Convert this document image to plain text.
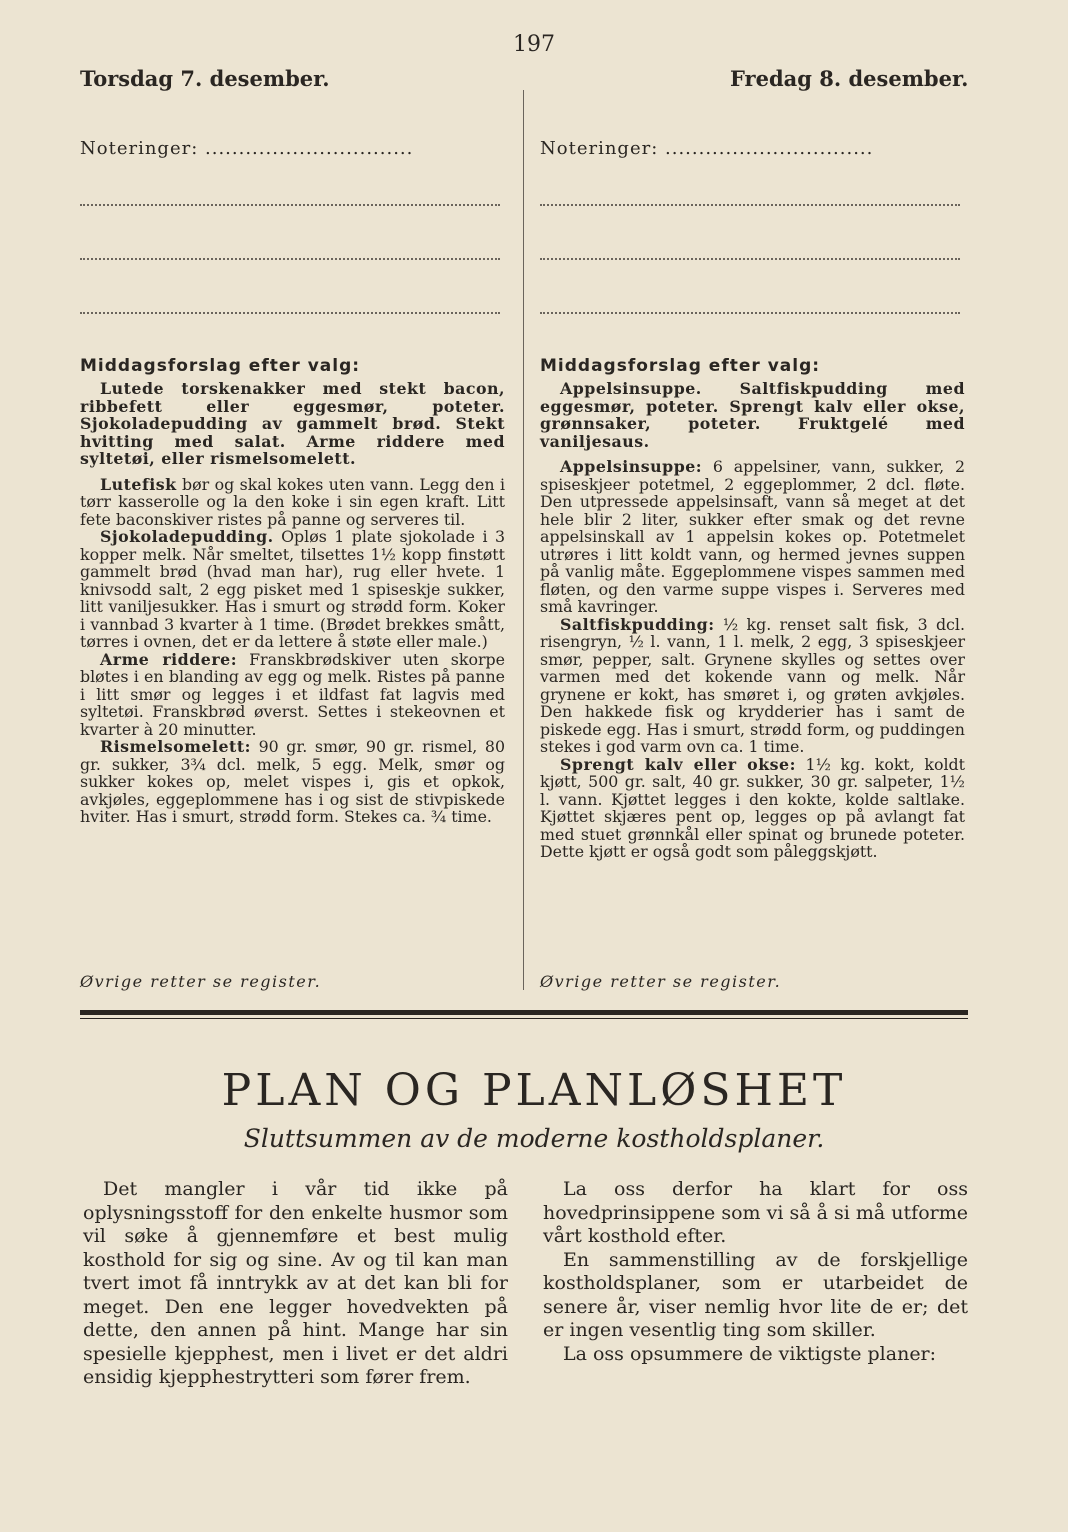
197
Torsdag 7. desember.	Fredag 8. desember.
Noteringer: .....	Noteringer: .....
Middagsforslag efter valg:

Lutede torskenakker med stekt bacon, ribbefett eller eggesmør, poteter. Sjokoladepudding av gammelt brød. Stekt hvitting med salat. Arme riddere med syltetøi, eller rismelsomelett.

Lutefisk bør og skal kokes uten vann. Legg den i tørr kasserolle og la den koke i sin egen kraft. Litt fete baconskiver ristes på panne og serveres til.

Sjokoladepudding. Opløs 1 plate sjokolade i 3 kopper melk. Når smeltet, tilsettes 1½ kopp finstøtt gammelt brød (hvad man har), rug eller hvete. 1 knivsodd salt, 2 egg pisket med 1 spiseskje sukker, litt vaniljesukker. Has i smurt og strødd form. Koker i vannbad 3 kvarter à 1 time. (Brødet brekkes smått, tørres i ovnen, det er da lettere å støte eller male.)

Arme riddere: Franskbrødskiver uten skorpe bløtes i en blanding av egg og melk. Ristes på panne i litt smør og legges i et ildfast fat lagvis med syltetøi. Franskbrød øverst. Settes i stekeovnen et kvarter à 20 minutter.

Rismelsomelett: 90 gr. smør, 90 gr. rismel, 80 gr. sukker, 3¾ dcl. melk, 5 egg. Melk, smør og sukker kokes op, melet vispes i, gis et opkok, avkjøles, eggeplommene has i og sist de stivpiskede hviter. Has i smurt, strødd form. Stekes ca. ¾ time.

Øvrige retter se register.
Middagsforslag efter valg:

Appelsinsuppe. Saltfiskpudding med eggesmør, poteter. Sprengt kalv eller okse, grønnsaker, poteter. Fruktgelé med vaniljesaus.

Appelsinsuppe: 6 appelsiner, vann, sukker, 2 spiseskjeer potetmel, 2 eggeplommer, 2 dcl. fløte. Den utpressede appelsinsaft, vann så meget at det hele blir 2 liter, sukker efter smak og det revne appelsinskall av 1 appelsin kokes op. Potetmelet utrøres i litt koldt vann, og hermed jevnes suppen på vanlig måte. Eggeplommene vispes sammen med fløten, og den varme suppe vispes i. Serveres med små kavringer.

Saltfiskpudding: ½ kg. renset salt fisk, 3 dcl. risengryn, ½ l. vann, 1 l. melk, 2 egg, 3 spiseskjeer smør, pepper, salt. Grynene skylles og settes over varmen med det kokende vann og melk. Når grynene er kokt, has smøret i, og grøten avkjøles. Den hakkede fisk og krydderier has i samt de piskede egg. Has i smurt, strødd form, og puddingen stekes i god varm ovn ca. 1 time.

Sprengt kalv eller okse: 1½ kg. kokt, koldt kjøtt, 500 gr. salt, 40 gr. sukker, 30 gr. salpeter, 1½ l. vann. Kjøttet legges i den kokte, kolde saltlake. Kjøttet skjæres pent op, legges op på avlangt fat med stuet grønnkål eller spinat og brunede poteter. Dette kjøtt er også godt som påleggskjøtt.

Øvrige retter se register.
PLAN OG PLANLØSHET
Sluttsummen av de moderne kostholdsplaner.

Det mangler i vår tid ikke på oplysningsstoff for den enkelte husmor som vil søke å gjennemføre et best mulig kosthold for sig og sine. Av og til kan man tvert imot få inntrykk av at det kan bli for meget. Den ene legger hovedvekten på dette, den annen på hint. Mange har sin spesielle kjepphest, men i livet er det aldri ensidig kjepphestrytteri som fører frem.

La oss derfor ha klart for oss hovedprinsippene som vi så å si må utforme vårt kosthold efter.

En sammenstilling av de forskjellige kostholdsplaner, som er utarbeidet de senere år, viser nemlig hvor lite de er; det er ingen vesentlig ting som skiller.

La oss opsummere de viktigste planer:
